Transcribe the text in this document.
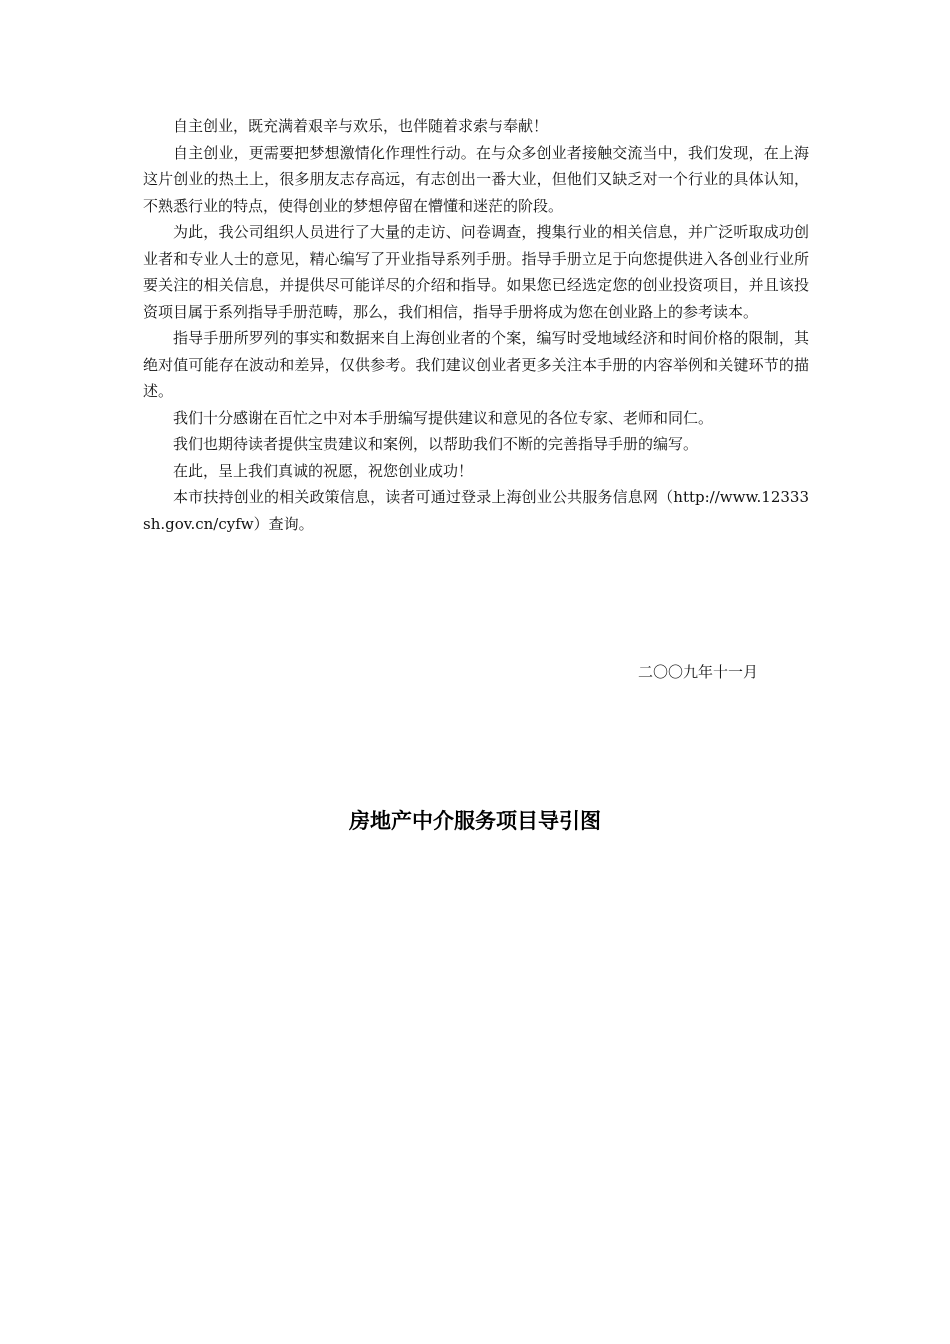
自主创业，既充满着艰辛与欢乐，也伴随着求索与奉献！

自主创业，更需要把梦想激情化作理性行动。在与众多创业者接触交流当中，我们发现，在上海这片创业的热土上，很多朋友志存高远，有志创出一番大业，但他们又缺乏对一个行业的具体认知，不熟悉行业的特点，使得创业的梦想停留在懵懂和迷茫的阶段。

为此，我公司组织人员进行了大量的走访、问卷调查，搜集行业的相关信息，并广泛听取成功创业者和专业人士的意见，精心编写了开业指导系列手册。指导手册立足于向您提供进入各创业行业所要关注的相关信息，并提供尽可能详尽的介绍和指导。如果您已经选定您的创业投资项目，并且该投资项目属于系列指导手册范畴，那么，我们相信，指导手册将成为您在创业路上的参考读本。

指导手册所罗列的事实和数据来自上海创业者的个案，编写时受地域经济和时间价格的限制，其绝对值可能存在波动和差异，仅供参考。我们建议创业者更多关注本手册的内容举例和关键环节的描述。

我们十分感谢在百忙之中对本手册编写提供建议和意见的各位专家、老师和同仁。

我们也期待读者提供宝贵建议和案例，以帮助我们不断的完善指导手册的编写。

在此，呈上我们真诚的祝愿，祝您创业成功！

本市扶持创业的相关政策信息，读者可通过登录上海创业公共服务信息网（http://www.12333sh.gov.cn/cyfw）查询。

二〇〇九年十一月
房地产中介服务项目导引图
